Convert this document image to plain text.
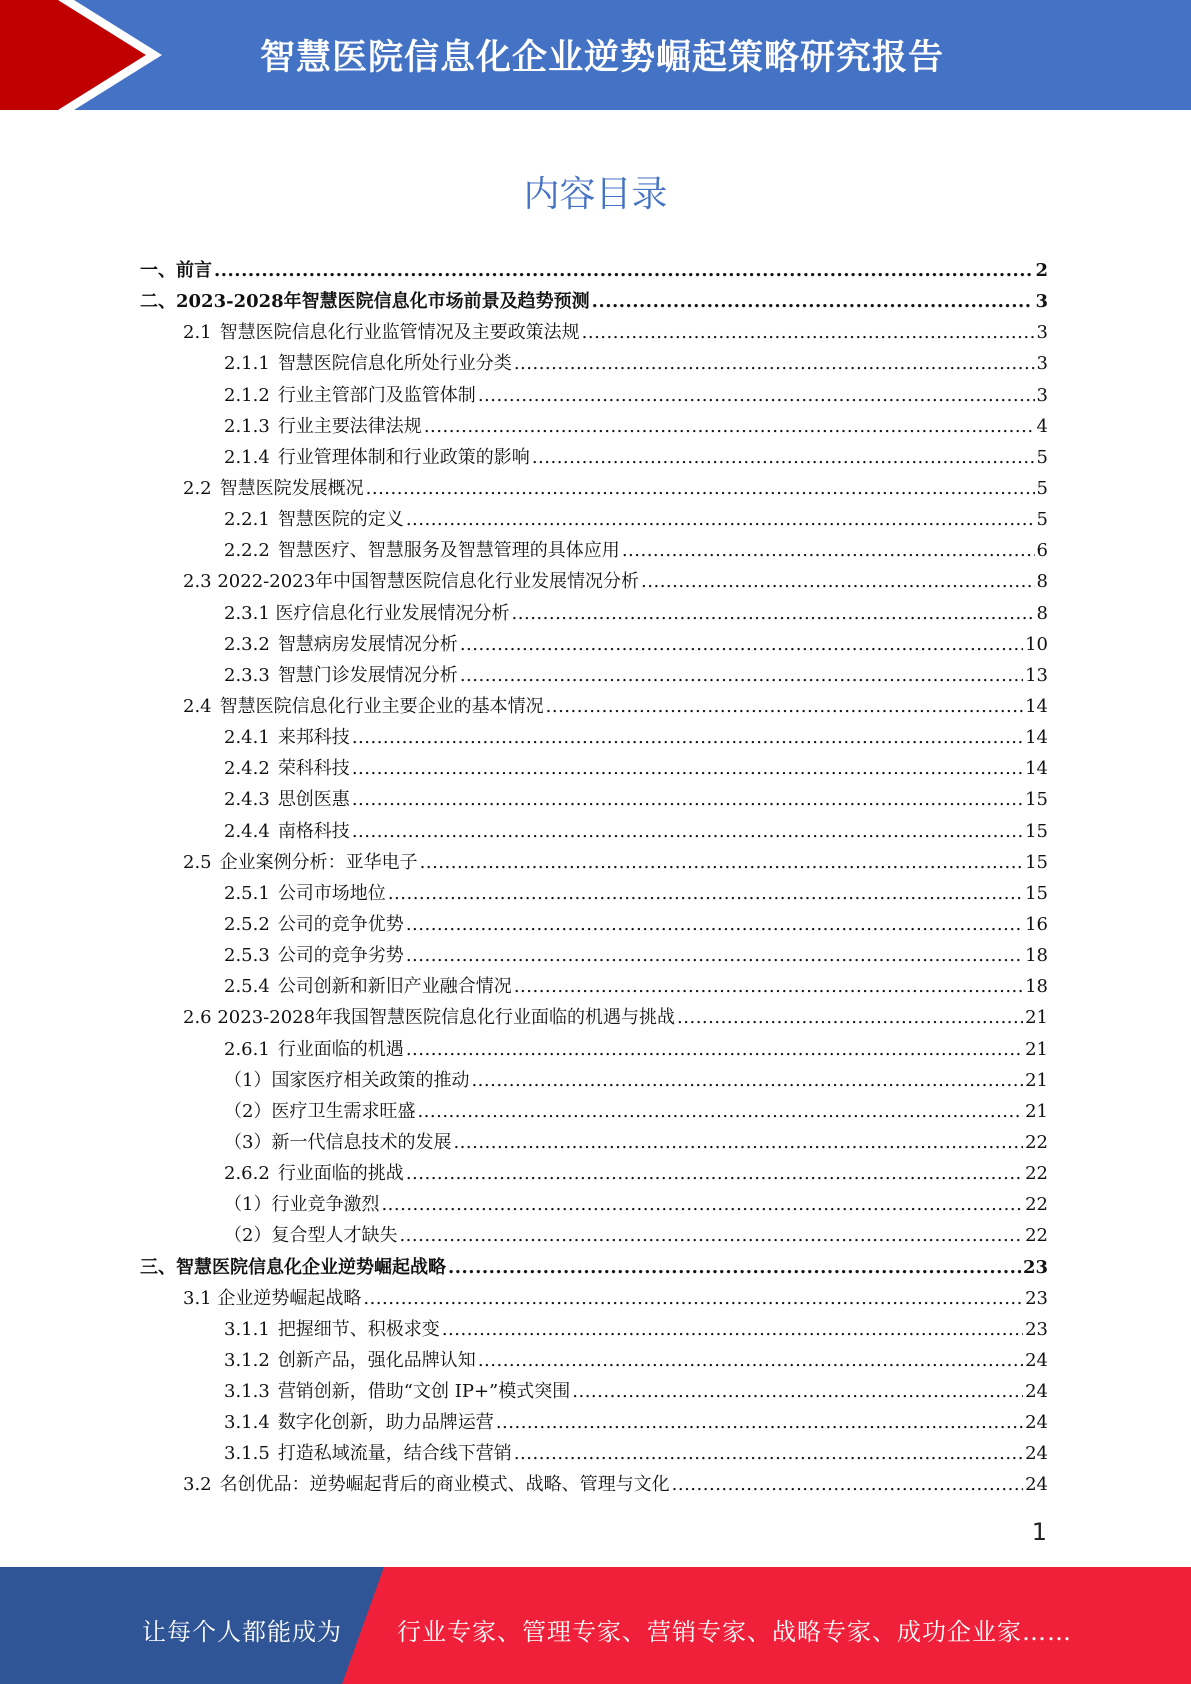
智慧医院信息化企业逆势崛起策略研究报告
内容目录
一、前言 .....	2
二、2023-2028年智慧医院信息化市场前景及趋势预测 .....	3
2.1 智慧医院信息化行业监管情况及主要政策法规 .....	3
2.1.1 智慧医院信息化所处行业分类 .....	3
2.1.2 行业主管部门及监管体制 .....	3
2.1.3 行业主要法律法规 .....	4
2.1.4 行业管理体制和行业政策的影响 .....	5
2.2 智慧医院发展概况 .....	5
2.2.1 智慧医院的定义 .....	5
2.2.2 智慧医疗、智慧服务及智慧管理的具体应用 .....	6
2.3 2022-2023年中国智慧医院信息化行业发展情况分析 .....	8
2.3.1 医疗信息化行业发展情况分析 .....	8
2.3.2 智慧病房发展情况分析 .....	10
2.3.3 智慧门诊发展情况分析 .....	13
2.4 智慧医院信息化行业主要企业的基本情况 .....	14
2.4.1 来邦科技 .....	14
2.4.2 荣科科技 .....	14
2.4.3 思创医惠 .....	15
2.4.4 南格科技 .....	15
2.5 企业案例分析：亚华电子 .....	15
2.5.1 公司市场地位 .....	15
2.5.2 公司的竞争优势 .....	16
2.5.3 公司的竞争劣势 .....	18
2.5.4 公司创新和新旧产业融合情况 .....	18
2.6 2023-2028年我国智慧医院信息化行业面临的机遇与挑战 .....	21
2.6.1 行业面临的机遇 .....	21
（1）国家医疗相关政策的推动 .....	21
（2）医疗卫生需求旺盛 .....	21
（3）新一代信息技术的发展 .....	22
2.6.2 行业面临的挑战 .....	22
（1）行业竞争激烈 .....	22
（2）复合型人才缺失 .....	22
三、智慧医院信息化企业逆势崛起战略 .....	23
3.1 企业逆势崛起战略 .....	23
3.1.1 把握细节、积极求变 .....	23
3.1.2 创新产品，强化品牌认知 .....	24
3.1.3 营销创新，借助“文创 IP+”模式突围 .....	24
3.1.4 数字化创新，助力品牌运营 .....	24
3.1.5 打造私域流量，结合线下营销 .....	24
3.2 名创优品：逆势崛起背后的商业模式、战略、管理与文化 .....	24
1
让每个人都能成为 行业专家、管理专家、营销专家、战略专家、成功企业家……
